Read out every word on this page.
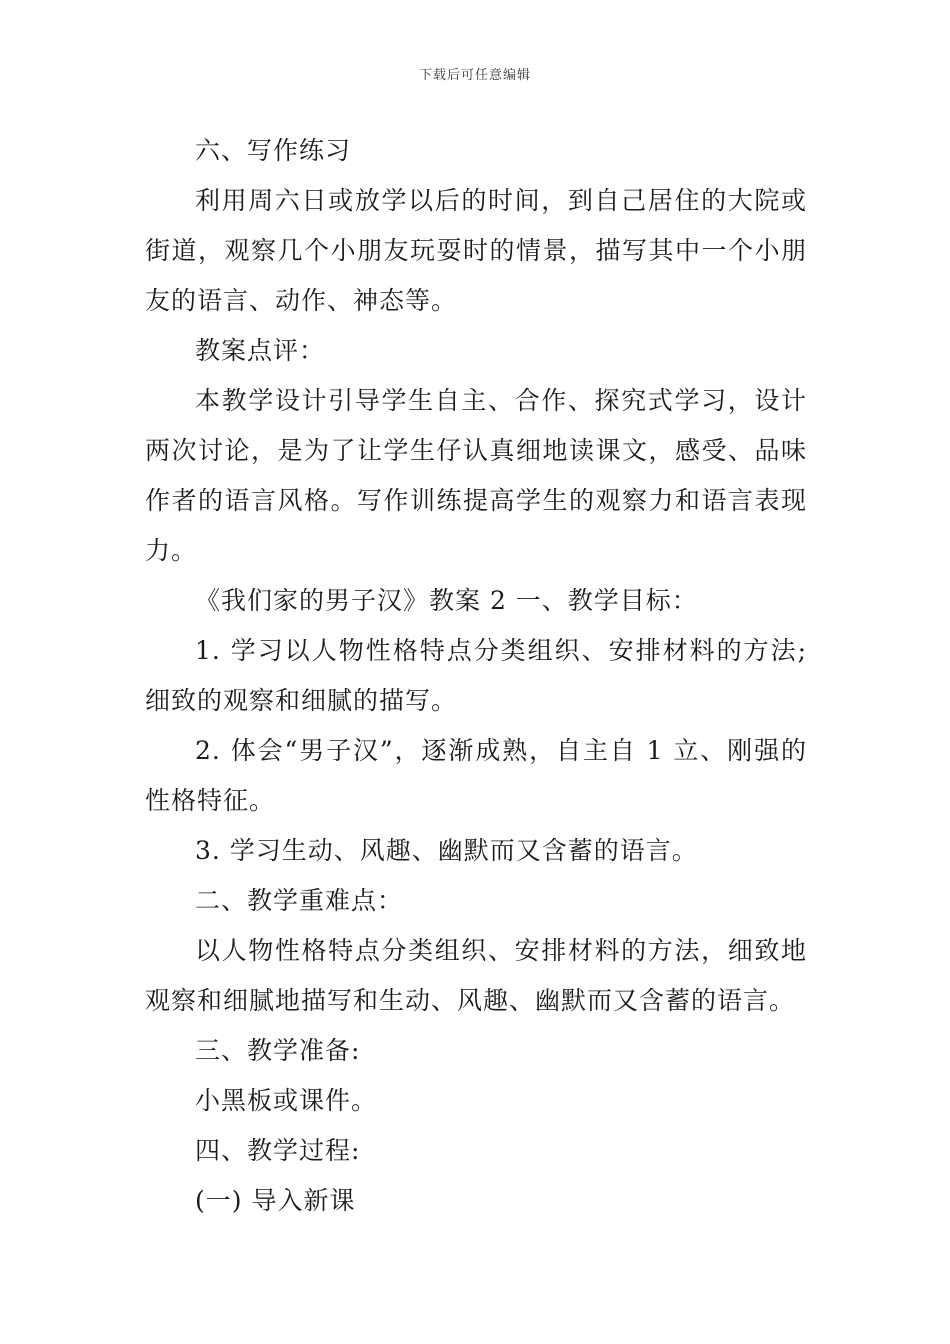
下载后可任意编辑

六、写作练习

利用周六日或放学以后的时间，到自己居住的大院或街道，观察几个小朋友玩耍时的情景，描写其中一个小朋友的语言、动作、神态等。

教案点评：

本教学设计引导学生自主、合作、探究式学习，设计两次讨论，是为了让学生仔认真细地读课文，感受、品味作者的语言风格。写作训练提高学生的观察力和语言表现力。

《我们家的男子汉》教案 2 一、教学目标：

1. 学习以人物性格特点分类组织、安排材料的方法;细致的观察和细腻的描写。

2. 体会“男子汉”，逐渐成熟，自主自 1 立、刚强的性格特征。

3. 学习生动、风趣、幽默而又含蓄的语言。

二、教学重难点：

以人物性格特点分类组织、安排材料的方法，细致地观察和细腻地描写和生动、风趣、幽默而又含蓄的语言。

三、教学准备:

小黑板或课件。

四、教学过程:

(一) 导入新课
